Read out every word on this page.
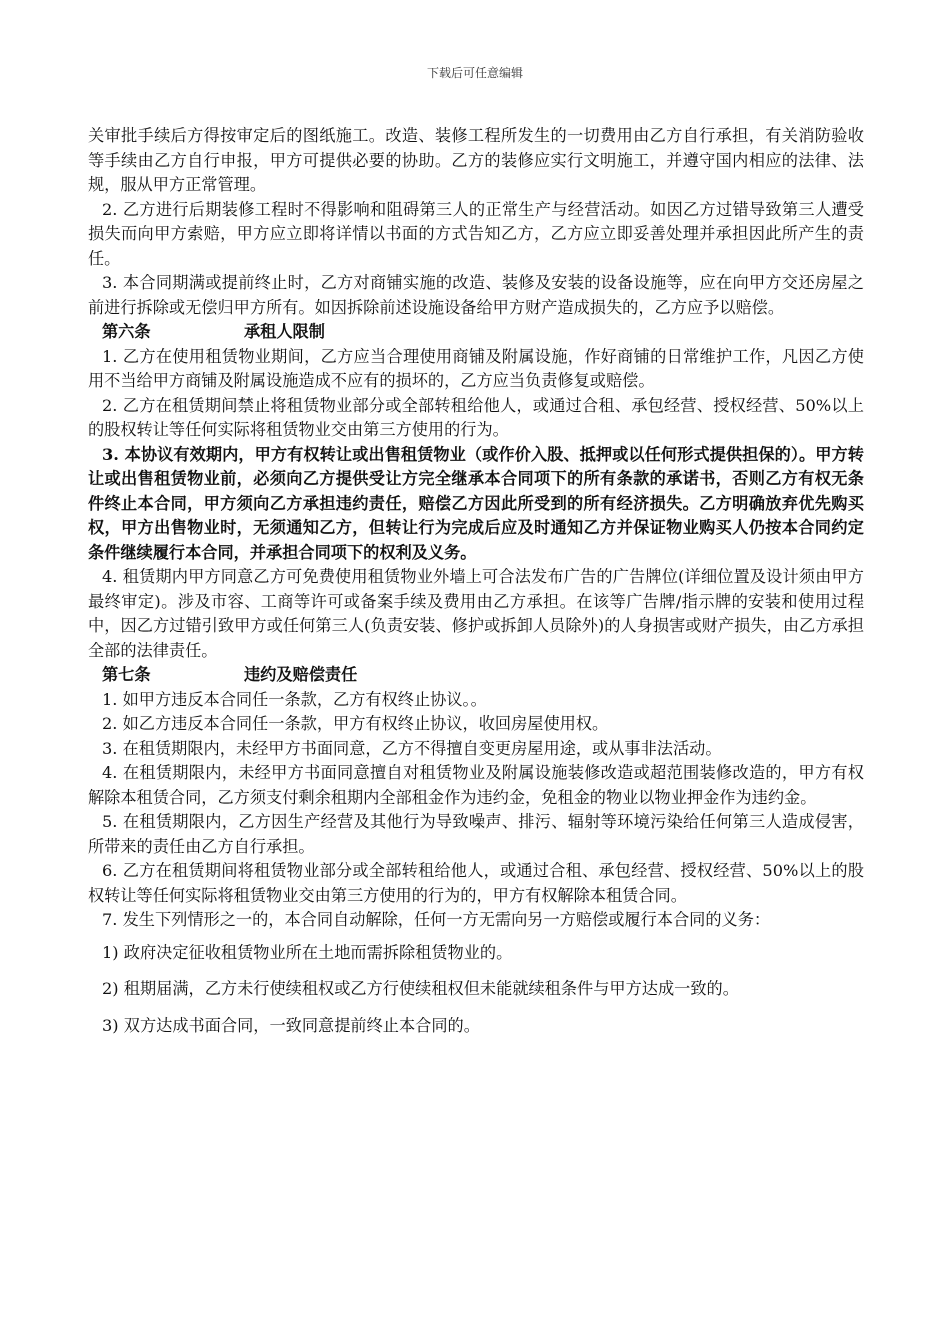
下载后可任意编辑

关审批手续后方得按审定后的图纸施工。改造、装修工程所发生的一切费用由乙方自行承担，有关消防验收等手续由乙方自行申报，甲方可提供必要的协助。乙方的装修应实行文明施工，并遵守国内相应的法律、法规，服从甲方正常管理。

2. 乙方进行后期装修工程时不得影响和阻碍第三人的正常生产与经营活动。如因乙方过错导致第三人遭受损失而向甲方索赔，甲方应立即将详情以书面的方式告知乙方，乙方应立即妥善处理并承担因此所产生的责任。

3. 本合同期满或提前终止时，乙方对商铺实施的改造、装修及安装的设备设施等，应在向甲方交还房屋之前进行拆除或无偿归甲方所有。如因拆除前述设施设备给甲方财产造成损失的，乙方应予以赔偿。

第六条	承租人限制

1. 乙方在使用租赁物业期间，乙方应当合理使用商铺及附属设施，作好商铺的日常维护工作，凡因乙方使用不当给甲方商铺及附属设施造成不应有的损坏的，乙方应当负责修复或赔偿。

2. 乙方在租赁期间禁止将租赁物业部分或全部转租给他人，或通过合租、承包经营、授权经营、50%以上的股权转让等任何实际将租赁物业交由第三方使用的行为。

3. 本协议有效期内，甲方有权转让或出售租赁物业（或作价入股、抵押或以任何形式提供担保的）。甲方转让或出售租赁物业前，必须向乙方提供受让方完全继承本合同项下的所有条款的承诺书，否则乙方有权无条件终止本合同，甲方须向乙方承担违约责任，赔偿乙方因此所受到的所有经济损失。乙方明确放弃优先购买权，甲方出售物业时，无须通知乙方，但转让行为完成后应及时通知乙方并保证物业购买人仍按本合同约定条件继续履行本合同，并承担合同项下的权利及义务。

4. 租赁期内甲方同意乙方可免费使用租赁物业外墙上可合法发布广告的广告牌位(详细位置及设计须由甲方最终审定)。涉及市容、工商等许可或备案手续及费用由乙方承担。在该等广告牌/指示牌的安装和使用过程中，因乙方过错引致甲方或任何第三人(负责安装、修护或拆卸人员除外)的人身损害或财产损失，由乙方承担全部的法律责任。

第七条	违约及赔偿责任

1. 如甲方违反本合同任一条款，乙方有权终止协议。。

2. 如乙方违反本合同任一条款，甲方有权终止协议，收回房屋使用权。

3. 在租赁期限内，未经甲方书面同意，乙方不得擅自变更房屋用途，或从事非法活动。

4. 在租赁期限内，未经甲方书面同意擅自对租赁物业及附属设施装修改造或超范围装修改造的，甲方有权解除本租赁合同，乙方须支付剩余租期内全部租金作为违约金，免租金的物业以物业押金作为违约金。

5. 在租赁期限内，乙方因生产经营及其他行为导致噪声、排污、辐射等环境污染给任何第三人造成侵害，所带来的责任由乙方自行承担。

6. 乙方在租赁期间将租赁物业部分或全部转租给他人，或通过合租、承包经营、授权经营、50%以上的股权转让等任何实际将租赁物业交由第三方使用的行为的，甲方有权解除本租赁合同。

7. 发生下列情形之一的，本合同自动解除，任何一方无需向另一方赔偿或履行本合同的义务：

1) 政府决定征收租赁物业所在土地而需拆除租赁物业的。

2) 租期届满，乙方未行使续租权或乙方行使续租权但未能就续租条件与甲方达成一致的。

3) 双方达成书面合同，一致同意提前终止本合同的。
